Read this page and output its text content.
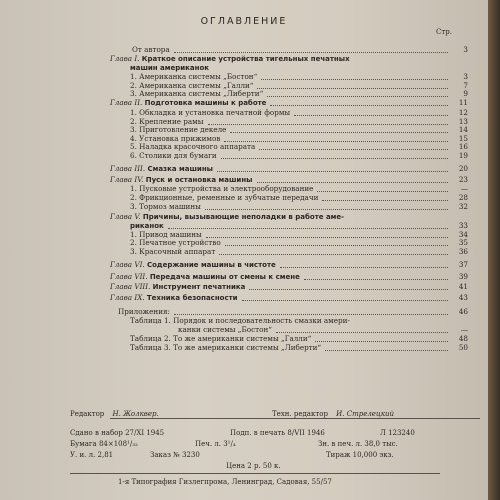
ОГЛАВЛЕНИЕ
Стр.
От автора	3
Глава I. Краткое описание устройства тигельных печатных
машин американок
1. Американка системы „Бостон“	3
2. Американка системы „Галли“	7
3. Американка системы „Либерти“	9
Глава II. Подготовка машины к работе	11
1. Обкладка и установка печатной формы	12
2. Крепление рамы	13
3. Приготовление декеле	14
4. Установка прижимов	15
5. Наладка красочного аппарата	16
6. Столики для бумаги	19
Глава III. Смазка машины	20
Глава IV. Пуск и остановка машины	23
1. Пусковые устройства и электрооборудование	—
2. Фрикционные, ременные и зубчатые передачи	28
3. Тормоз машины	32
Глава V. Причины, вызывающие неполадки в работе аме-
риканок	33
1. Привод машины	34
2. Печатное устройство	35
3. Красочный аппарат	36
Глава VI. Содержание машины в чистоте	37
Глава VII. Передача машины от смены к смене	39
Глава VIII. Инструмент печатника	41
Глава IX. Техника безопасности	43
Приложения:	46
Таблица 1. Порядок и последовательность смазки амери-
канки системы „Бостон“	—
Таблица 2. То же американки системы „Галли“	48
Таблица 3. То же американки системы „Либерти“	50
Редактор Н. Жолквер.	Техн. редактор И. Стрелецкий
Сдано в набор 27/XI 1945	Подп. в печать 8/VII 1946	Л 123240
Бумага 84×108¹/₃₂	Печ. л. 3¹/₄	Зн. в печ. л. 38,0 тыс.
У. и. л. 2,81	Заказ № 3230	Тираж 10,000 экз.
Цена 2 р. 50 к.
1-я Типография Гизлегпрома, Ленинград, Садовая, 55/57
